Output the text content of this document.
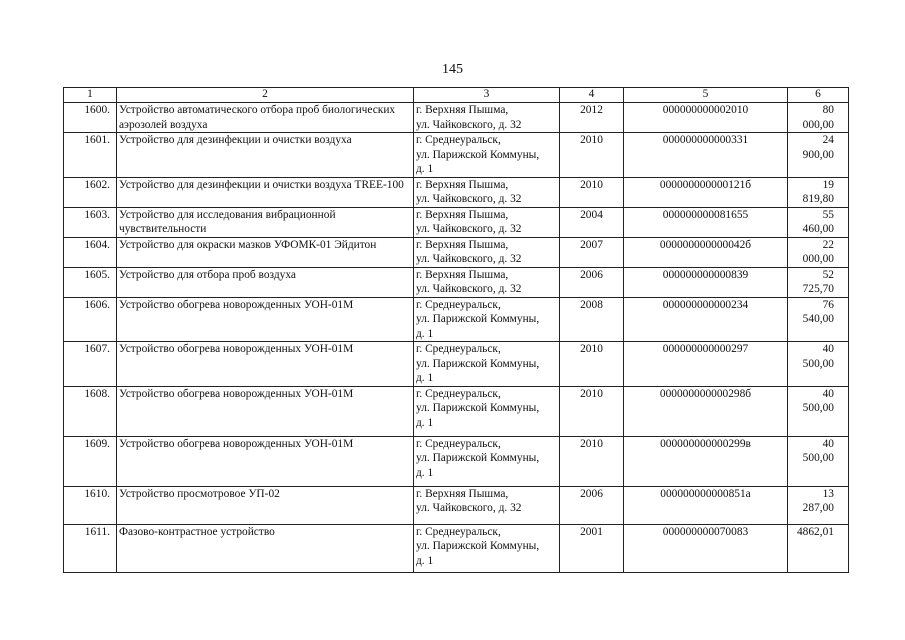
145
1	2	3	4	5	6
1600.	Устройство автоматического отбора проб биологических аэрозолей воздуха	г. Верхняя Пышма,
ул. Чайковского, д. 32	2012	000000000002010	80 000,00
1601.	Устройство для дезинфекции и очистки воздуха	г. Среднеуральск,
ул. Парижской Коммуны,
д. 1	2010	000000000000331	24 900,00
1602.	Устройство для дезинфекции и очистки воздуха TREE-100	г. Верхняя Пышма,
ул. Чайковского, д. 32	2010	000000000000121б	19 819,80
1603.	Устройство для исследования вибрационной чувствительности	г. Верхняя Пышма,
ул. Чайковского, д. 32	2004	000000000081655	55 460,00
1604.	Устройство для окраски мазков УФОМК-01 Эйдитон	г. Верхняя Пышма,
ул. Чайковского, д. 32	2007	000000000000042б	22 000,00
1605.	Устройство для отбора проб воздуха	г. Верхняя Пышма,
ул. Чайковского, д. 32	2006	000000000000839	52 725,70
1606.	Устройство обогрева новорожденных УОН-01М	г. Среднеуральск,
ул. Парижской Коммуны,
д. 1	2008	000000000000234	76 540,00
1607.	Устройство обогрева новорожденных УОН-01М	г. Среднеуральск,
ул. Парижской Коммуны,
д. 1	2010	000000000000297	40 500,00
1608.	Устройство обогрева новорожденных УОН-01М	г. Среднеуральск,
ул. Парижской Коммуны,
д. 1	2010	000000000000298б	40 500,00
1609.	Устройство обогрева новорожденных УОН-01М	г. Среднеуральск,
ул. Парижской Коммуны,
д. 1	2010	000000000000299в	40 500,00
1610.	Устройство просмотровое УП-02	г. Верхняя Пышма,
ул. Чайковского, д. 32	2006	000000000000851а	13 287,00
1611.	Фазово-контрастное устройство	г. Среднеуральск,
ул. Парижской Коммуны,
д. 1	2001	000000000070083	4862,01
